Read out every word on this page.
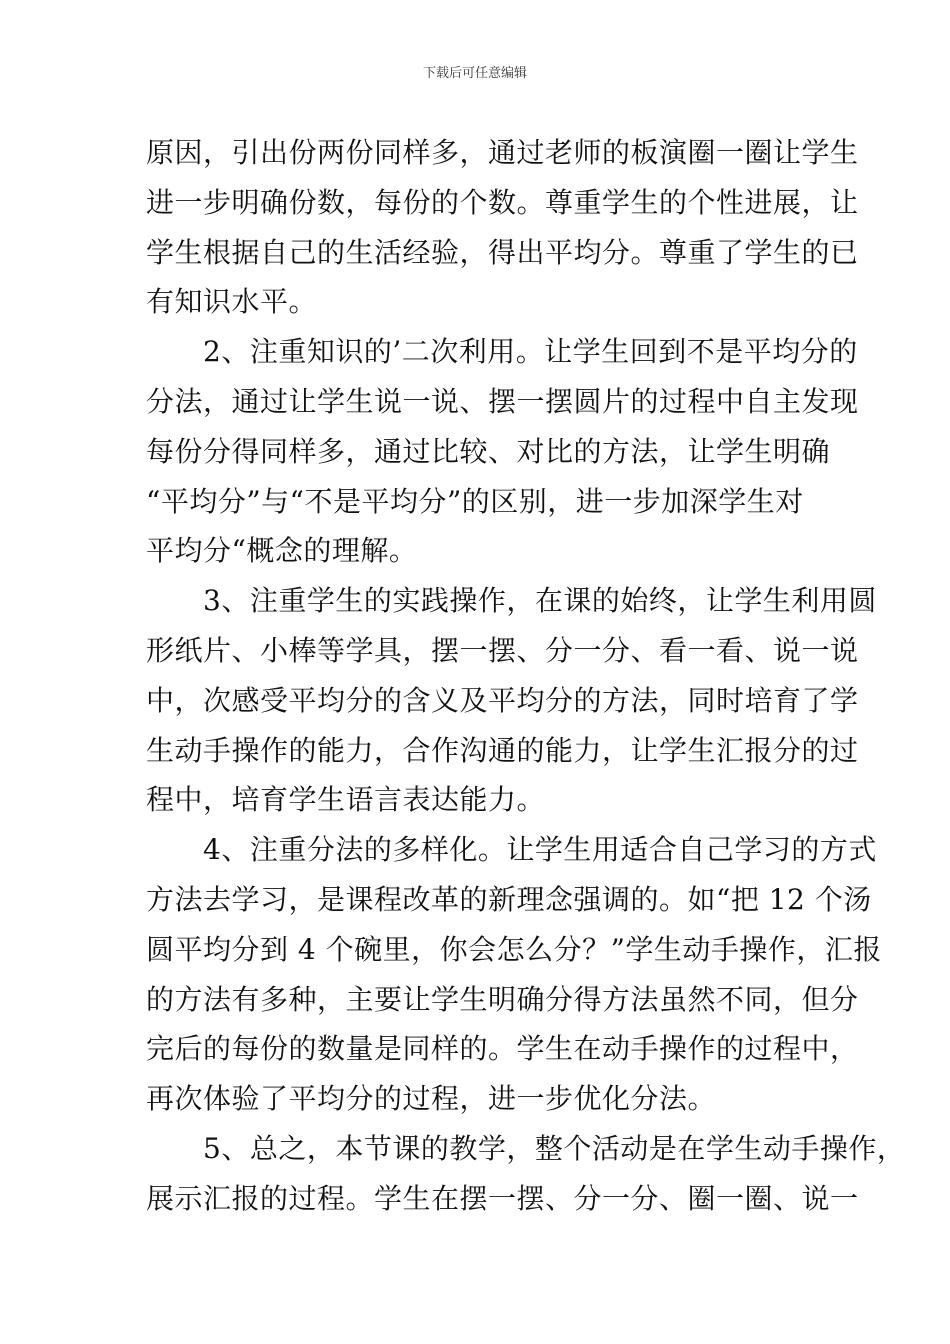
下载后可任意编辑
原因，引出份两份同样多，通过老师的板演圈一圈让学生
进一步明确份数，每份的个数。尊重学生的个性进展，让
学生根据自己的生活经验，得出平均分。尊重了学生的已
有知识水平。
　　2、注重知识的’二次利用。让学生回到不是平均分的
分法，通过让学生说一说、摆一摆圆片的过程中自主发现
每份分得同样多，通过比较、对比的方法，让学生明确
“平均分”与“不是平均分”的区别，进一步加深学生对
平均分“概念的理解。
　　3、注重学生的实践操作，在课的始终，让学生利用圆
形纸片、小棒等学具，摆一摆、分一分、看一看、说一说
中，次感受平均分的含义及平均分的方法，同时培育了学
生动手操作的能力，合作沟通的能力，让学生汇报分的过
程中，培育学生语言表达能力。
　　4、注重分法的多样化。让学生用适合自己学习的方式
方法去学习，是课程改革的新理念强调的。如“把 12 个汤
圆平均分到 4 个碗里，你会怎么分？”学生动手操作，汇报
的方法有多种，主要让学生明确分得方法虽然不同，但分
完后的每份的数量是同样的。学生在动手操作的过程中，
再次体验了平均分的过程，进一步优化分法。
　　5、总之，本节课的教学，整个活动是在学生动手操作，
展示汇报的过程。学生在摆一摆、分一分、圈一圈、说一
